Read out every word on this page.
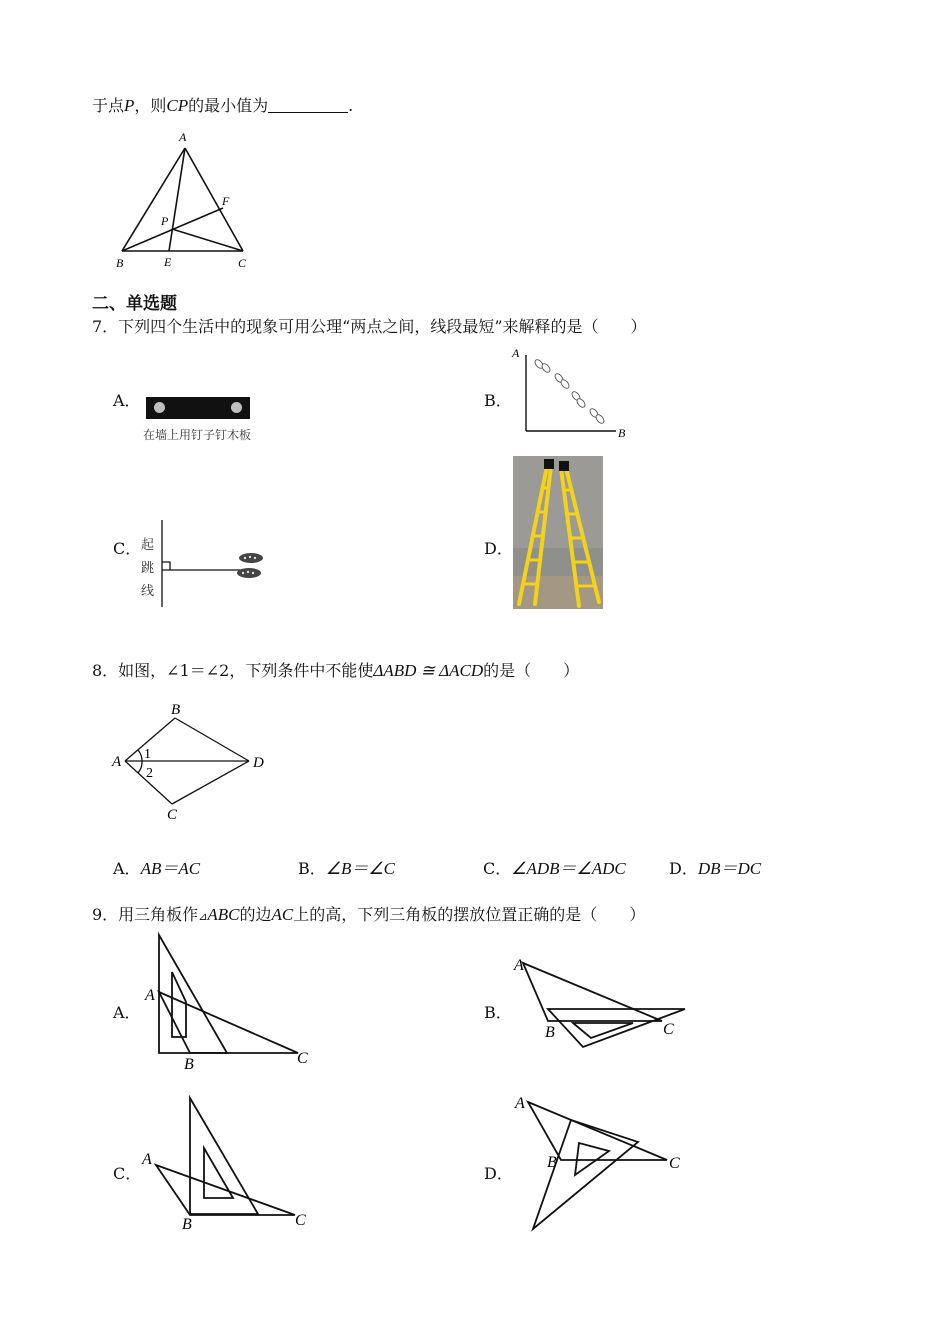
于点P，则CP的最小值为	.
A
B	C
E
F
P
二、单选题
7．下列四个生活中的现象可用公理“两点之间，线段最短”来解释的是（　　）
A．
在墙上用钉子钉木板
B．
A
B
C． 起
跳
线
D．
8．如图，∠1＝∠2，下列条件中不能使ΔABD ≅ ΔACD的是（　　）
B
A	D
C
1
2
A．AB＝AC	B．∠B＝∠C	C．∠ADB＝∠ADC	D．DB＝DC
9．用三角板作⊿ABC的边AC上的高，下列三角板的摆放位置正确的是（　　）
A．
A
B	C
B．
A
B	C
C．
A
B	C
D．
A
B	C
